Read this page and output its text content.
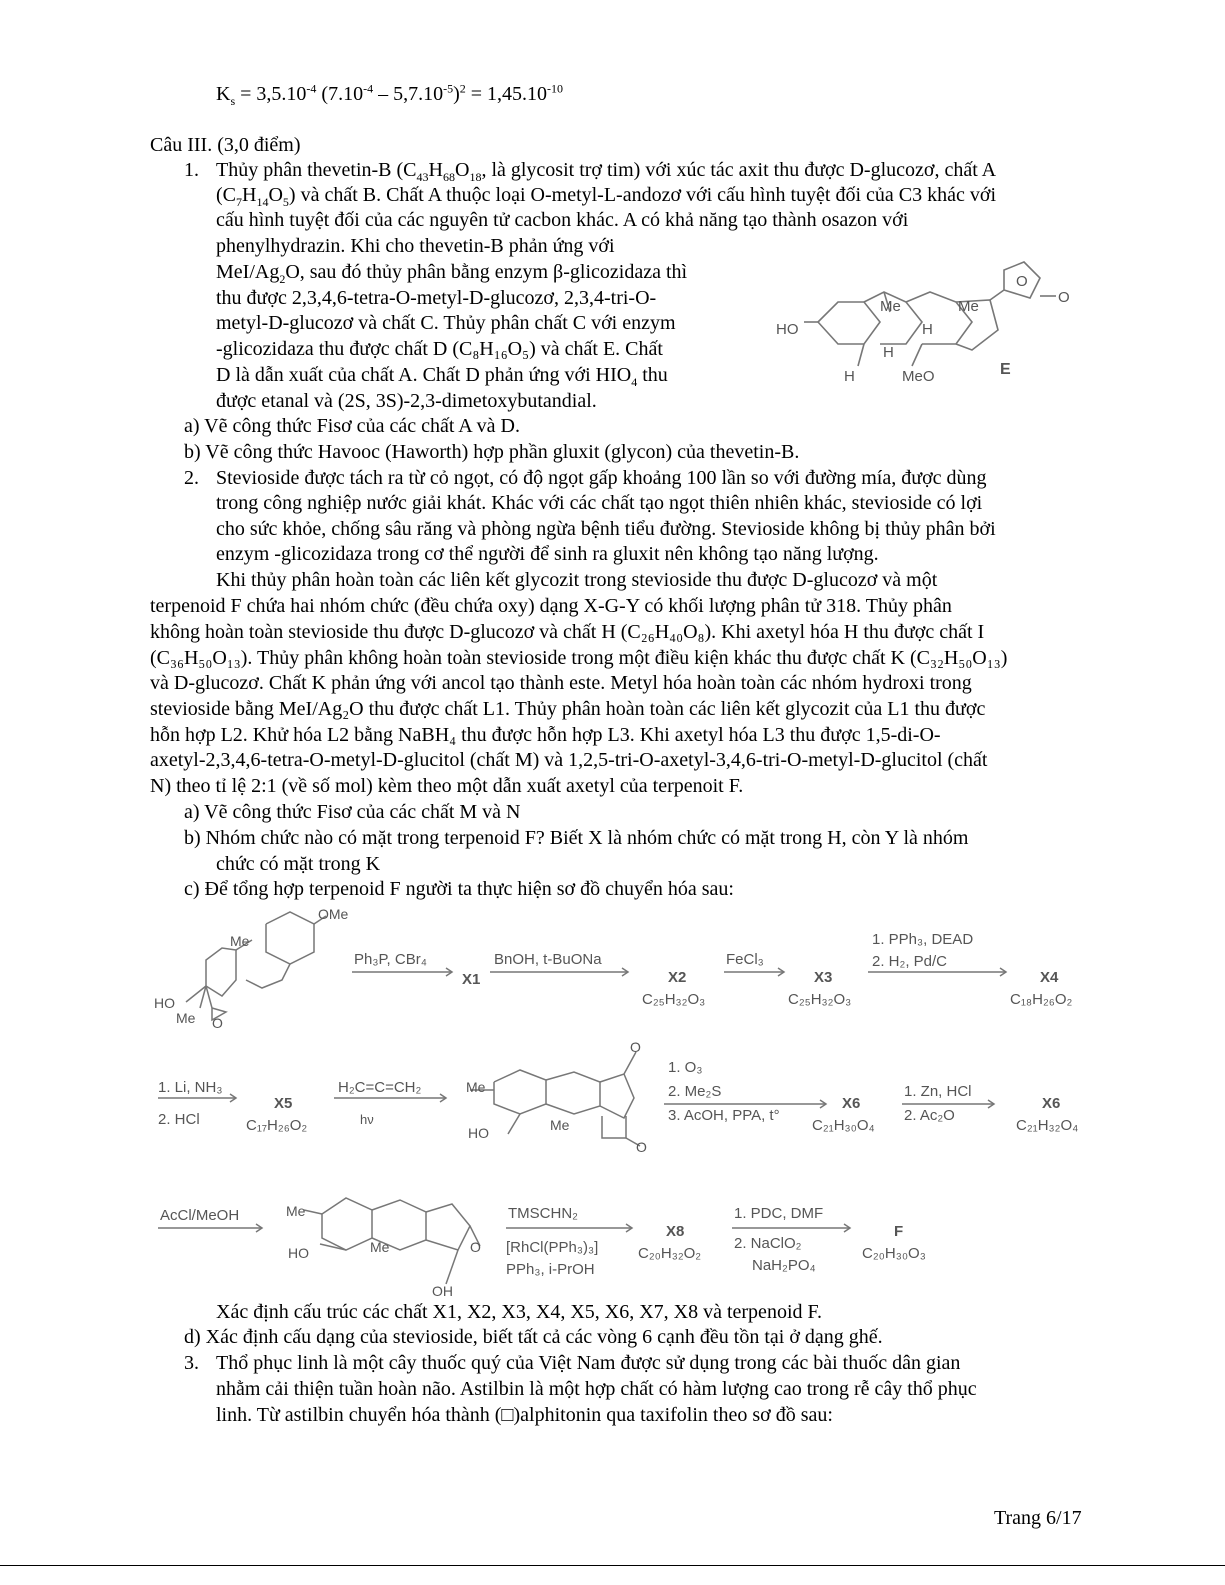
$K_s = 3,5.10^{-4}$ $(7.10^{-4} - 5,7.10^{-5})^2 = 1,45.10^{-10}$
Câu III. (3,0 điểm)
1. Thủy phân thevetin-B ($C_{43}H_{68}O_{18}$, là glycosit trợ tim) với xúc tác axit thu được D-glucozơ, chất A
$(C_7H_{14}O_5)$ và chất B. Chất A thuộc loại O-metyl-L-andozơ với cấu hình tuyệt đối của C3 khác với
cấu hình tuyệt đối của các nguyên tử cacbon khác. A có khả năng tạo thành osazon với
phenylhydrazin. Khi cho thevetin-B phản ứng với
MeI/$Ag_2O$, sau đó thủy phân bằng enzym β-glicozidaza thì
thu được 2,3,4,6-tetra-O-metyl-D-glucozơ, 2,3,4-tri-O-
metyl-D-glucozơ và chất C. Thủy phân chất C với enzym
-glicozidaza thu được chất D (C₈H₁₆O₅) và chất E. Chất
D là dẫn xuất của chất A. Chất D phản ứng với $HIO_4$ thu
được etanal và (2S, 3S)-2,3-dimetoxybutandial.
a) Vẽ công thức Fisơ của các chất A và D.
b) Vẽ công thức Havooc (Haworth) hợp phần gluxit (glycon) của thevetin-B.
HO
Me	Me
H
H
H	MeO	E
O
O
2. Stevioside được tách ra từ cỏ ngọt, có độ ngọt gấp khoảng 100 lần so với đường mía, được dùng
trong công nghiệp nước giải khát. Khác với các chất tạo ngọt thiên nhiên khác, stevioside có lợi
cho sức khỏe, chống sâu răng và phòng ngừa bệnh tiểu đường. Stevioside không bị thủy phân bởi
enzym -glicozidaza trong cơ thể người để sinh ra gluxit nên không tạo năng lượng.
Khi thủy phân hoàn toàn các liên kết glycozit trong stevioside thu được D-glucozơ và một
terpenoid F chứa hai nhóm chức (đều chứa oxy) dạng X-G-Y có khối lượng phân tử 318. Thủy phân
không hoàn toàn stevioside thu được D-glucozơ và chất H (C₂₆H₄₀O₈). Khi axetyl hóa H thu được chất I
(C₃₆H₅₀O₁₃). Thủy phân không hoàn toàn stevioside trong một điều kiện khác thu được chất K (C₃₂H₅₀O₁₃)
và D-glucozơ. Chất K phản ứng với ancol tạo thành este. Metyl hóa hoàn toàn các nhóm hydroxi trong
stevioside bằng MeI/Ag₂O thu được chất L1. Thủy phân hoàn toàn các liên kết glycozit của L1 thu được
hỗn hợp L2. Khử hóa L2 bằng NaBH₄ thu được hỗn hợp L3. Khi axetyl hóa L3 thu được 1,5-di-O-
axetyl-2,3,4,6-tetra-O-metyl-D-glucitol (chất M) và 1,2,5-tri-O-axetyl-3,4,6-tri-O-metyl-D-glucitol (chất
N) theo tỉ lệ 2:1 (về số mol) kèm theo một dẫn xuất axetyl của terpenoit F.
a) Vẽ công thức Fisơ của các chất M và N
b) Nhóm chức nào có mặt trong terpenoid F? Biết X là nhóm chức có mặt trong H, còn Y là nhóm
chức có mặt trong K
c) Để tổng hợp terpenoid F người ta thực hiện sơ đồ chuyển hóa sau:
OMe
Me
HO
Me O
Ph₃P, CBr₄
X1
BnOH, t-BuONa
X2
C₂₅H₃₂O₃
FeCl₃
X3
C₂₅H₃₂O₃
1. PPh₃, DEAD
2. H₂, Pd/C
X4
C₁₈H₂₆O₂
1. Li, NH₃
2. HCl
X5
C₁₇H₂₆O₂
H₂C=C=CH₂
hν
Me
Me
HO
O
O
1. O₃
2. Me₂S
3. AcOH, PPA, t°
X6
C₂₁H₃₀O₄
1. Zn, HCl
2. Ac₂O
X6
C₂₁H₃₂O₄
AcCl/MeOH	Me
Me
HO	O
OH
TMSCHN₂
[RhCl(PPh₃)₃]
PPh₃, i-PrOH
X8
C₂₀H₃₂O₂
1. PDC, DMF
2. NaClO₂
NaH₂PO₄
F
C₂₀H₃₀O₃
Xác định cấu trúc các chất X1, X2, X3, X4, X5, X6, X7, X8 và terpenoid F.
d) Xác định cấu dạng của stevioside, biết tất cả các vòng 6 cạnh đều tồn tại ở dạng ghế.
3. Thổ phục linh là một cây thuốc quý của Việt Nam được sử dụng trong các bài thuốc dân gian
nhằm cải thiện tuần hoàn não. Astilbin là một hợp chất có hàm lượng cao trong rễ cây thổ phục
linh. Từ astilbin chuyển hóa thành (□)alphitonin qua taxifolin theo sơ đồ sau:
Trang 6/17
